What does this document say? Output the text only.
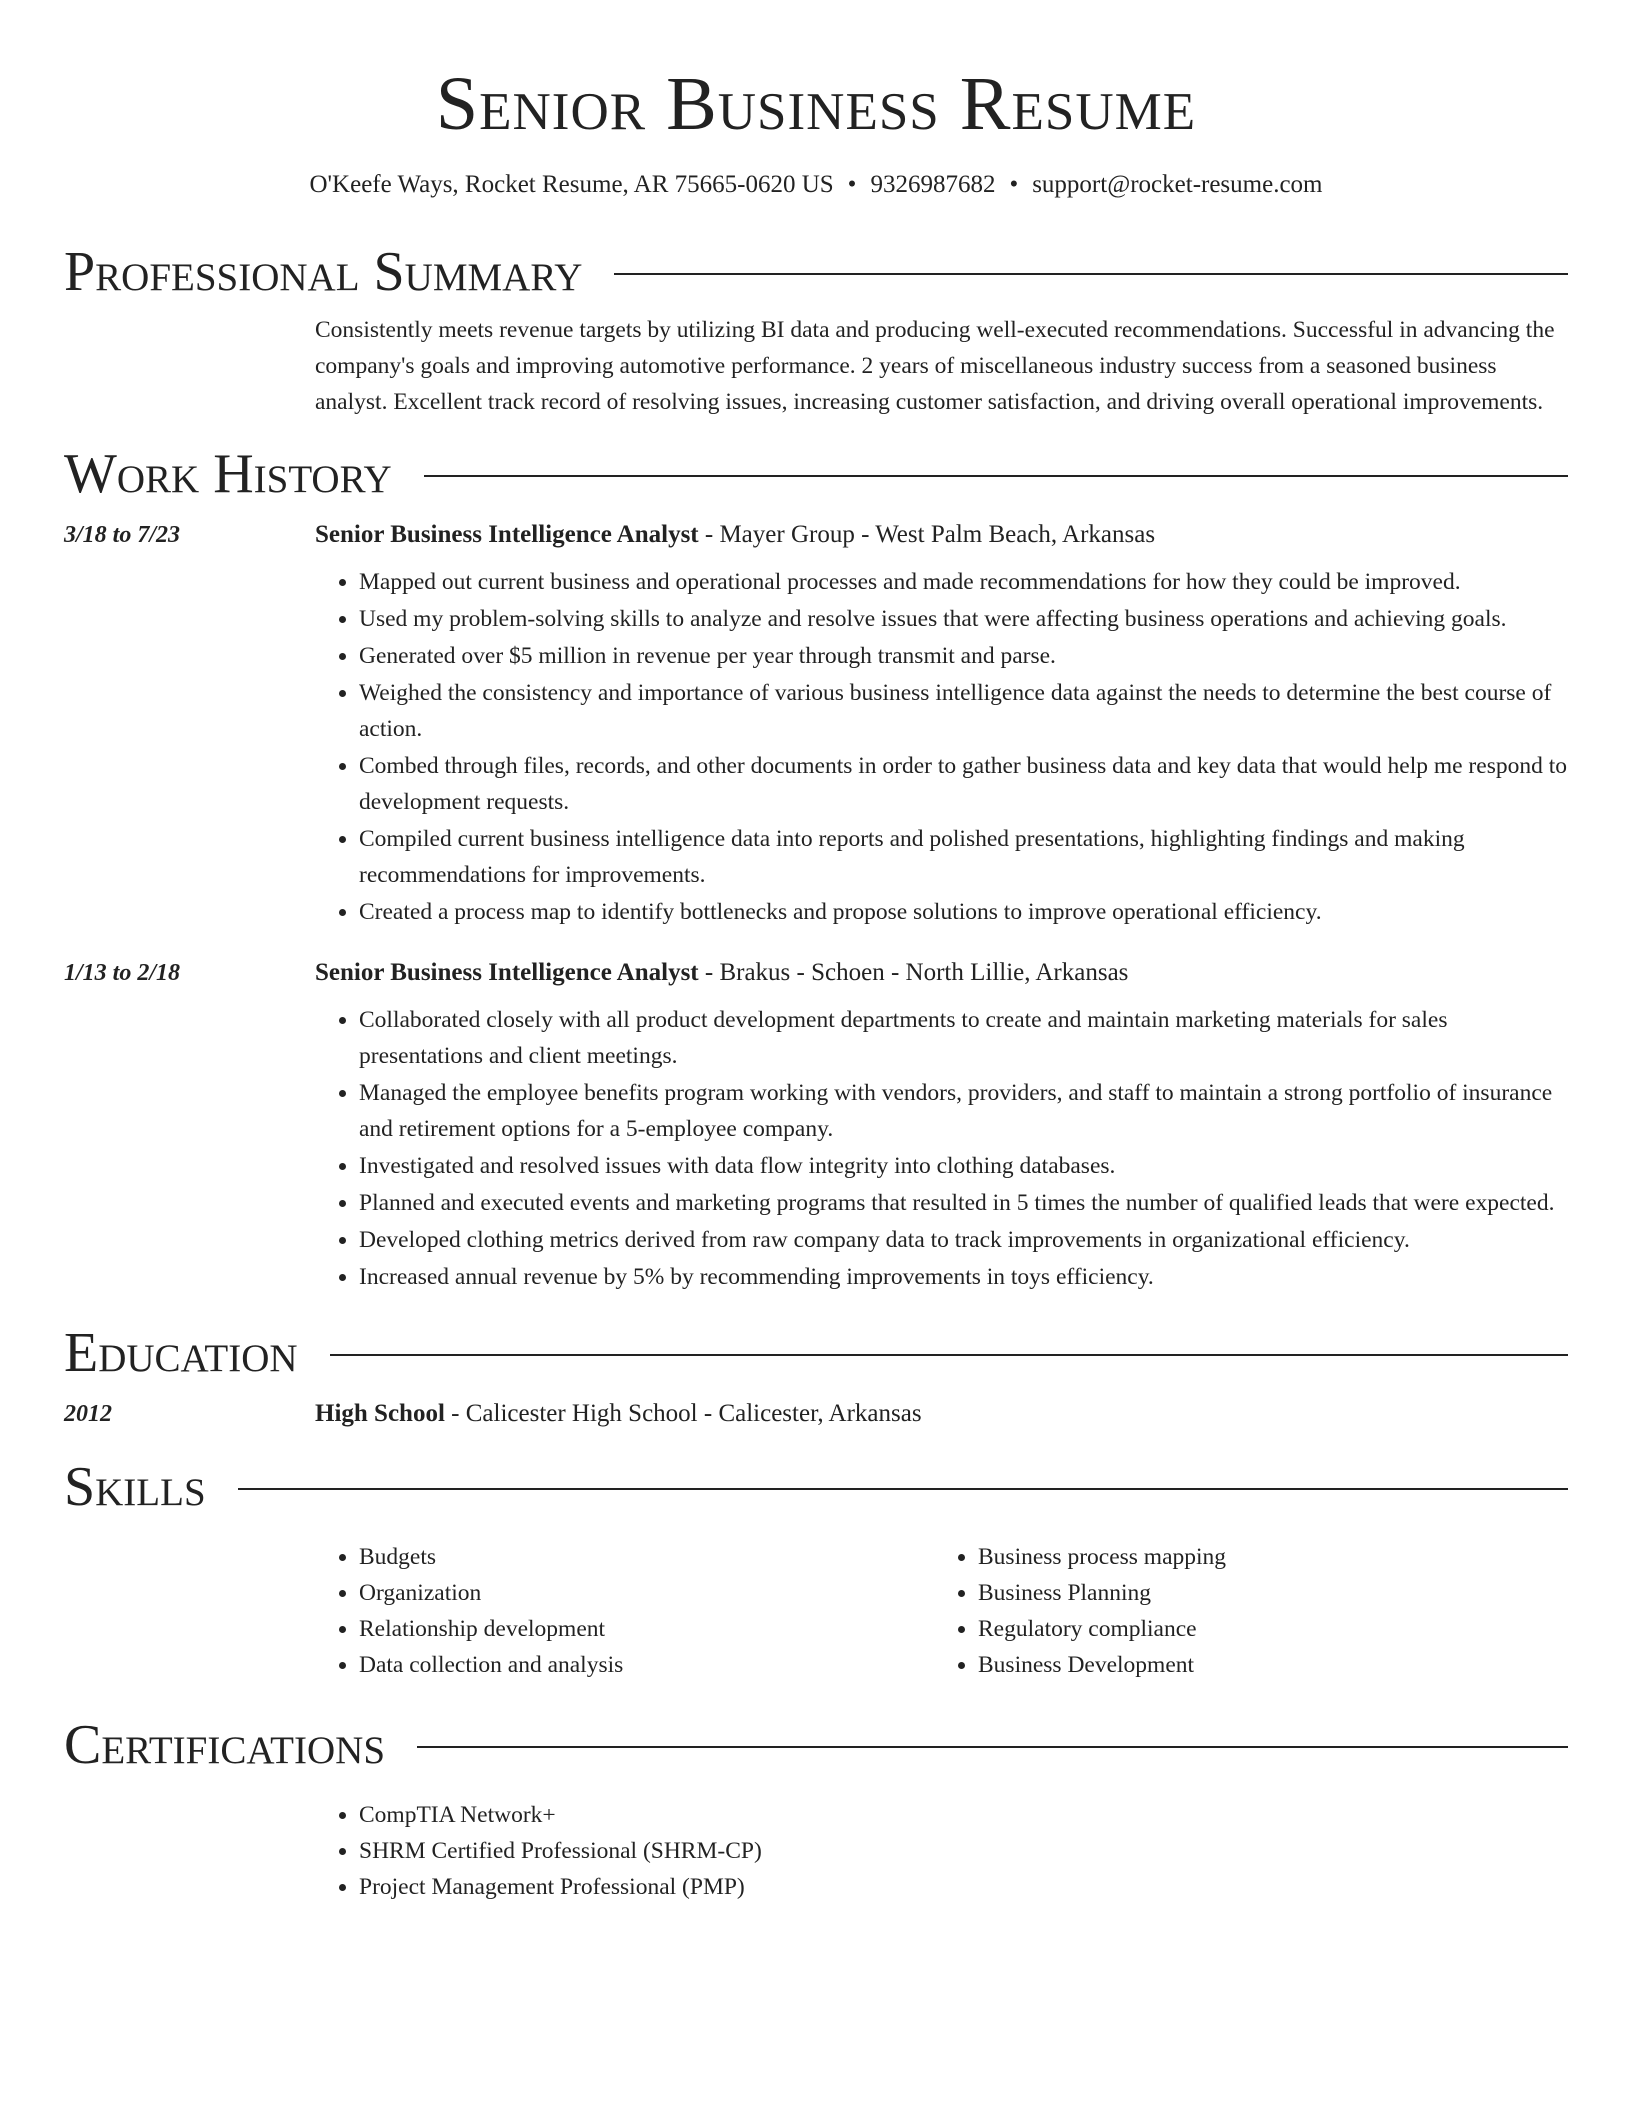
Senior Business Resume
O'Keefe Ways, Rocket Resume, AR 75665-0620 US • 9326987682 • support@rocket-resume.com
Professional Summary
Consistently meets revenue targets by utilizing BI data and producing well-executed recommendations. Successful in advancing the company's goals and improving automotive performance. 2 years of miscellaneous industry success from a seasoned business analyst. Excellent track record of resolving issues, increasing customer satisfaction, and driving overall operational improvements.
Work History
3/18 to 7/23	Senior Business Intelligence Analyst - Mayer Group - West Palm Beach, Arkansas
• Mapped out current business and operational processes and made recommendations for how they could be improved.
• Used my problem-solving skills to analyze and resolve issues that were affecting business operations and achieving goals.
• Generated over $5 million in revenue per year through transmit and parse.
• Weighed the consistency and importance of various business intelligence data against the needs to determine the best course of action.
• Combed through files, records, and other documents in order to gather business data and key data that would help me respond to development requests.
• Compiled current business intelligence data into reports and polished presentations, highlighting findings and making recommendations for improvements.
• Created a process map to identify bottlenecks and propose solutions to improve operational efficiency.
1/13 to 2/18	Senior Business Intelligence Analyst - Brakus - Schoen - North Lillie, Arkansas
• Collaborated closely with all product development departments to create and maintain marketing materials for sales presentations and client meetings.
• Managed the employee benefits program working with vendors, providers, and staff to maintain a strong portfolio of insurance and retirement options for a 5-employee company.
• Investigated and resolved issues with data flow integrity into clothing databases.
• Planned and executed events and marketing programs that resulted in 5 times the number of qualified leads that were expected.
• Developed clothing metrics derived from raw company data to track improvements in organizational efficiency.
• Increased annual revenue by 5% by recommending improvements in toys efficiency.
Education
2012	High School - Calicester High School - Calicester, Arkansas
Skills
• Budgets
• Organization
• Relationship development
• Data collection and analysis
• Business process mapping
• Business Planning
• Regulatory compliance
• Business Development
Certifications
• CompTIA Network+
• SHRM Certified Professional (SHRM-CP)
• Project Management Professional (PMP)
